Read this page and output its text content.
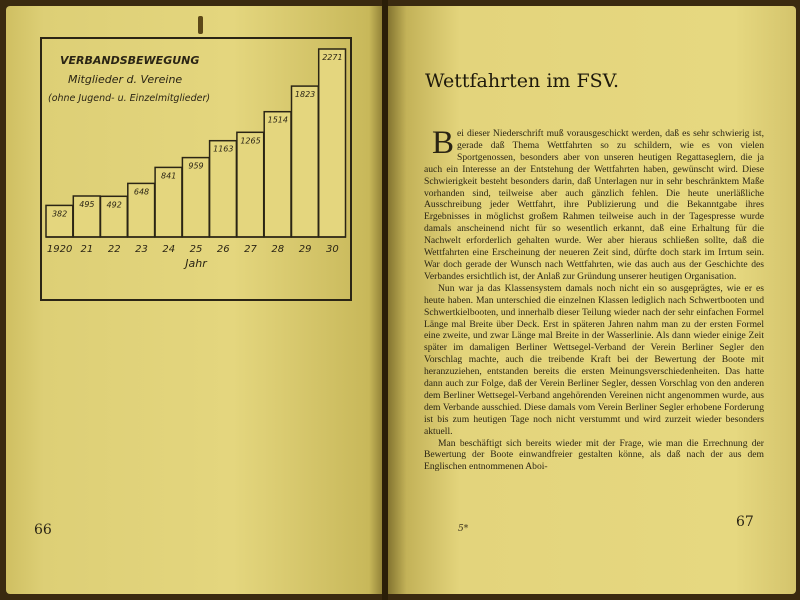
VERBANDSBEWEGUNG
Mitglieder d. Vereine
(ohne Jugend- u. Einzelmitglieder)
382
495 492
648
841
959
1163
1265
1514
1823
2271
1920 21 22 23 24 25 26 27 28 29 30
Jahr
66
Wettfahrten im FSV.

Bei dieser Niederschrift muß vorausgeschickt werden, daß es sehr schwierig ist, gerade daß Thema Wettfahrten so zu schildern, wie es von vielen Sportgenossen, besonders aber von unseren heutigen Regattaseglern, die ja auch ein Interesse an der Entstehung der Wettfahrten haben, gewünscht wird. Diese Schwierigkeit besteht besonders darin, daß Unterlagen nur in sehr beschränktem Maße vorhanden sind, teilweise aber auch gänzlich fehlen. Die heute unerläßliche Ausschreibung jeder Wettfahrt, ihre Publizierung und die Bekanntgabe ihres Ergebnisses in möglichst großem Rahmen teilweise auch in der Tagespresse wurde damals anscheinend nicht für so wesentlich erkannt, daß eine Erhaltung für die Nachwelt erforderlich gehalten wurde. Wer aber hieraus schließen sollte, daß die Wettfahrten eine Erscheinung der neueren Zeit sind, dürfte doch stark im Irrtum sein. War doch gerade der Wunsch nach Wettfahrten, wie das auch aus der Geschichte des Verbandes ersichtlich ist, der Anlaß zur Gründung unserer heutigen Organisation.

Nun war ja das Klassensystem damals noch nicht ein so ausgeprägtes, wie er es heute haben. Man unterschied die einzelnen Klassen lediglich nach Schwertbooten und Schwertkielbooten, und innerhalb dieser Teilung wieder nach der sehr einfachen Formel Länge mal Breite über Deck. Erst in späteren Jahren nahm man zu der ersten Formel eine zweite, und zwar Länge mal Breite in der Wasserlinie. Als dann wieder einige Zeit später im damaligen Berliner Wettsegel-Verband der Verein Berliner Segler den Vorschlag machte, auch die treibende Kraft bei der Bewertung der Boote mit heranzuziehen, entstanden bereits die ersten Meinungsverschiedenheiten. Das hatte dann auch zur Folge, daß der Verein Berliner Segler, dessen Vorschlag von den anderen dem Berliner Wettsegel-Verband angehörenden Vereinen nicht angenommen wurde, aus dem Verbande ausschied. Diese damals vom Verein Berliner Segler erhobene Forderung ist bis zum heutigen Tage noch nicht verstummt und wird zurzeit wieder besonders aktuell.

Man beschäftigt sich bereits wieder mit der Frage, wie man die Errechnung der Bewertung der Boote einwandfreier gestalten könne, als daß nach der aus dem Englischen entnommenen Aboi-

5*	67
